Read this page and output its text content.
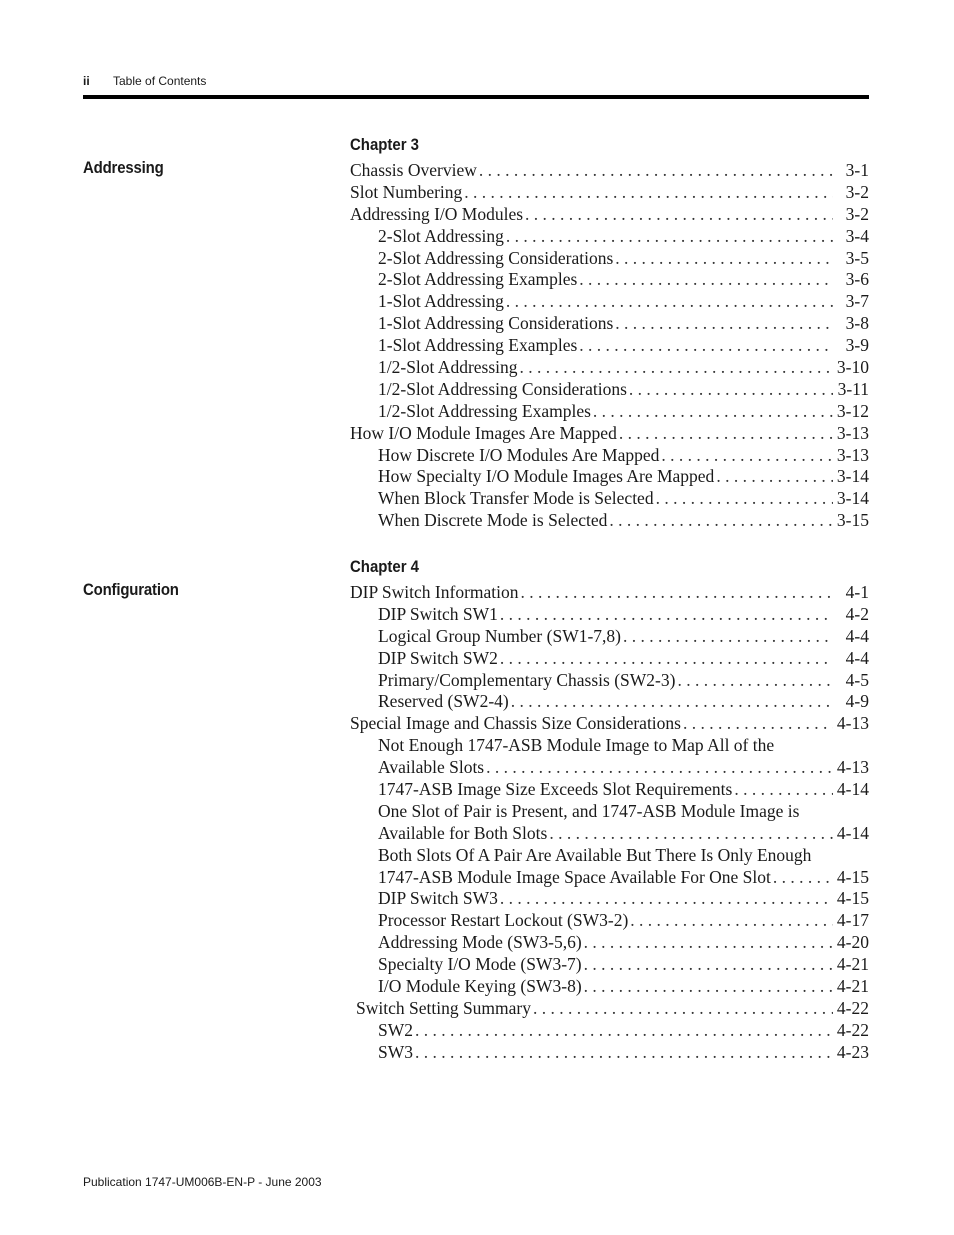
ii Table of Contents
Addressing
Chapter 3
Chassis Overview . . .	3-1
Slot Numbering . . .	3-2
Addressing I/O Modules . . .	3-2
2-Slot Addressing . . .	3-4
2-Slot Addressing Considerations . . .	3-5
2-Slot Addressing Examples . . .	3-6
1-Slot Addressing . . .	3-7
1-Slot Addressing Considerations . . .	3-8
1-Slot Addressing Examples . . .	3-9
1/2-Slot Addressing . . .	3-10
1/2-Slot Addressing Considerations . . .	3-11
1/2-Slot Addressing Examples . . .	3-12
How I/O Module Images Are Mapped . . .	3-13
How Discrete I/O Modules Are Mapped . . .	3-13
How Specialty I/O Module Images Are Mapped . . .	3-14
When Block Transfer Mode is Selected . . .	3-14
When Discrete Mode is Selected . . .	3-15
Configuration
Chapter 4
DIP Switch Information . . .	4-1
DIP Switch SW1 . . .	4-2
Logical Group Number (SW1-7,8) . . .	4-4
DIP Switch SW2 . . .	4-4
Primary/Complementary Chassis (SW2-3) . . .	4-5
Reserved (SW2-4) . . .	4-9
Special Image and Chassis Size Considerations . . .	4-13
Not Enough 1747-ASB Module Image to Map All of the
Available Slots . . .	4-13
1747-ASB Image Size Exceeds Slot Requirements . . .	4-14
One Slot of Pair is Present, and 1747-ASB Module Image is
Available for Both Slots . . .	4-14
Both Slots Of A Pair Are Available But There Is Only Enough
1747-ASB Module Image Space Available For One Slot . . .	4-15
DIP Switch SW3 . . .	4-15
Processor Restart Lockout (SW3-2) . . .	4-17
Addressing Mode (SW3-5,6) . . .	4-20
Specialty I/O Mode (SW3-7) . . .	4-21
I/O Module Keying (SW3-8) . . .	4-21
Switch Setting Summary . . .	4-22
SW2 . . .	4-22
SW3 . . .	4-23
Publication 1747-UM006B-EN-P - June 2003
